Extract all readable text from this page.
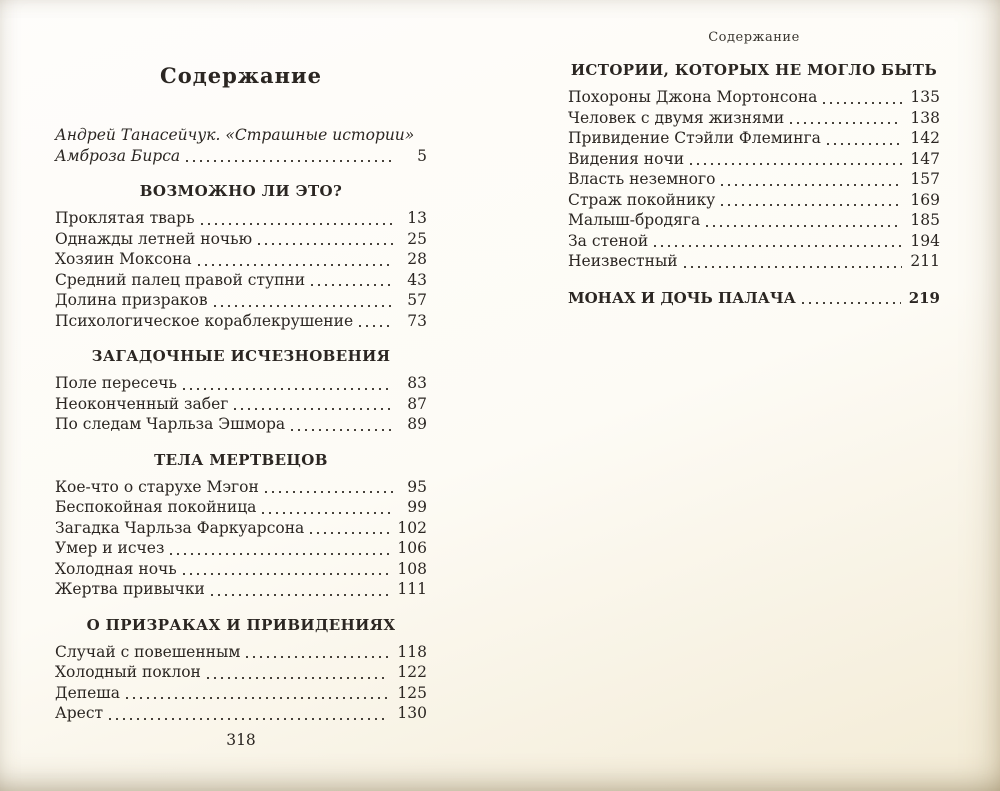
Содержание
Андрей Танасейчук. «Страшные истории»
Амброза Бирса	5
ВОЗМОЖНО ЛИ ЭТО?
Проклятая тварь	13
Однажды летней ночью	25
Хозяин Моксона	28
Средний палец правой ступни	43
Долина призраков	57
Психологическое кораблекрушение	73
ЗАГАДОЧНЫЕ ИСЧЕЗНОВЕНИЯ
Поле пересечь	83
Неоконченный забег	87
По следам Чарльза Эшмора	89
ТЕЛА МЕРТВЕЦОВ
Кое-что о старухе Мэгон	95
Беспокойная покойница	99
Загадка Чарльза Фаркуарсона	102
Умер и исчез	106
Холодная ночь	108
Жертва привычки	111
О ПРИЗРАКАХ И ПРИВИДЕНИЯХ
Случай с повешенным	118
Холодный поклон	122
Депеша	125
Арест	130
318
Содержание
ИСТОРИИ, КОТОРЫХ НЕ МОГЛО БЫТЬ
Похороны Джона Мортонсона	135
Человек с двумя жизнями	138
Привидение Стэйли Флеминга	142
Видения ночи	147
Власть неземного	157
Страж покойнику	169
Малыш-бродяга	185
За стеной	194
Неизвестный	211
МОНАХ И ДОЧЬ ПАЛАЧА	219
